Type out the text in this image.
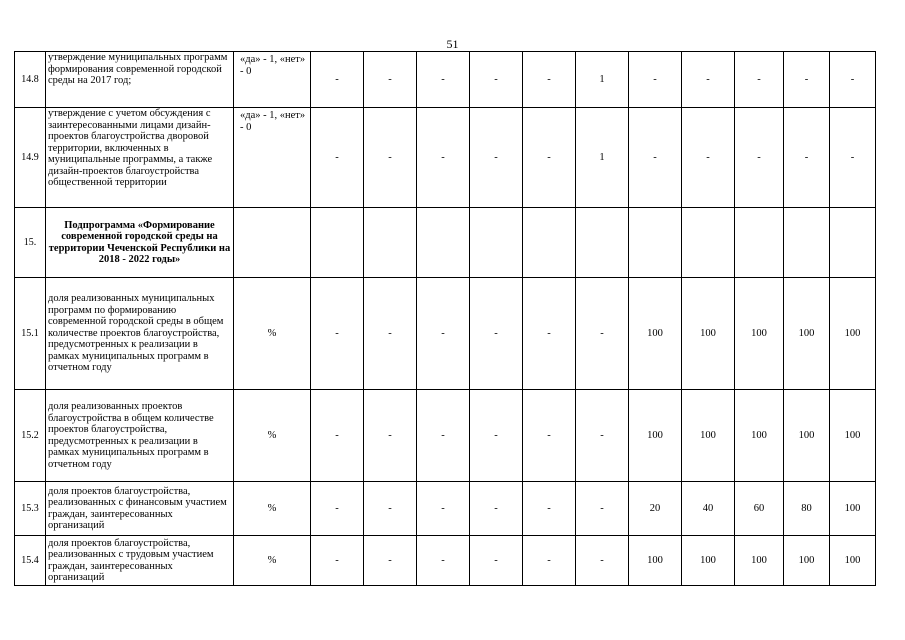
51
14.8	утверждение муниципальных программ формирования современной городской среды на 2017 год;	«да» - 1, «нет» - 0	-	-	-	-	-	1	-	-	-	-	-
14.9	утверждение с учетом обсуждения с заинтересованными лицами дизайн-проектов благоустройства дворовой территории, включенных в муниципальные программы, а также дизайн-проектов благоустройства общественной территории	«да» - 1, «нет» - 0	-	-	-	-	-	1	-	-	-	-	-
15.	Подпрограмма «Формирование современной городской среды на территории Чеченской Республики на 2018 - 2022 годы»												
15.1	доля реализованных муниципальных программ по формированию современной городской среды в общем количестве проектов благоустройства, предусмотренных к реализации в рамках муниципальных программ в отчетном году	%	-	-	-	-	-	-	100	100	100	100	100
15.2	доля реализованных проектов благоустройства в общем количестве проектов благоустройства, предусмотренных к реализации в рамках муниципальных программ в отчетном году	%	-	-	-	-	-	-	100	100	100	100	100
15.3	доля проектов благоустройства, реализованных с финансовым участием граждан, заинтересованных организаций	%	-	-	-	-	-	-	20	40	60	80	100
15.4	доля проектов благоустройства, реализованных с трудовым участием граждан, заинтересованных организаций	%	-	-	-	-	-	-	100	100	100	100	100
